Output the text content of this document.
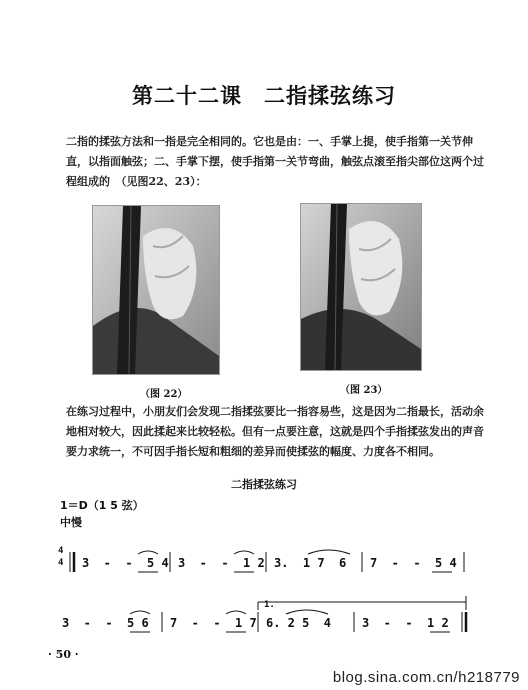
第二十二课　二指揉弦练习
二指的揉弦方法和一指是完全相同的。它也是由：一、手掌上提，使手指第一关节伸直，以指面触弦；二、手掌下摆，使手指第一关节弯曲，触弦点滚至指尖部位这两个过程组成的　（见图22、23）：
（图 22）	（图 23）
在练习过程中，小朋友们会发现二指揉弦要比一指容易些，这是因为二指最长，活动余地相对较大，因此揉起来比较轻松。但有一点要注意，这就是四个手指揉弦发出的声音要力求统一，不可因手指长短和粗细的差异而使揉弦的幅度、力度各不相同。
二指揉弦练习
1＝D（1 5 弦）
中慢
4
4 3  -  -  5 4 3  -  -  1 2 3.  1 7  6 7  -  -  5 4
1.
3  -  -  5 6 7  -  -  1 7 6. 2 5  4	3  -  -  1 2
· 50 ·
blog.sina.com.cn/h218779
